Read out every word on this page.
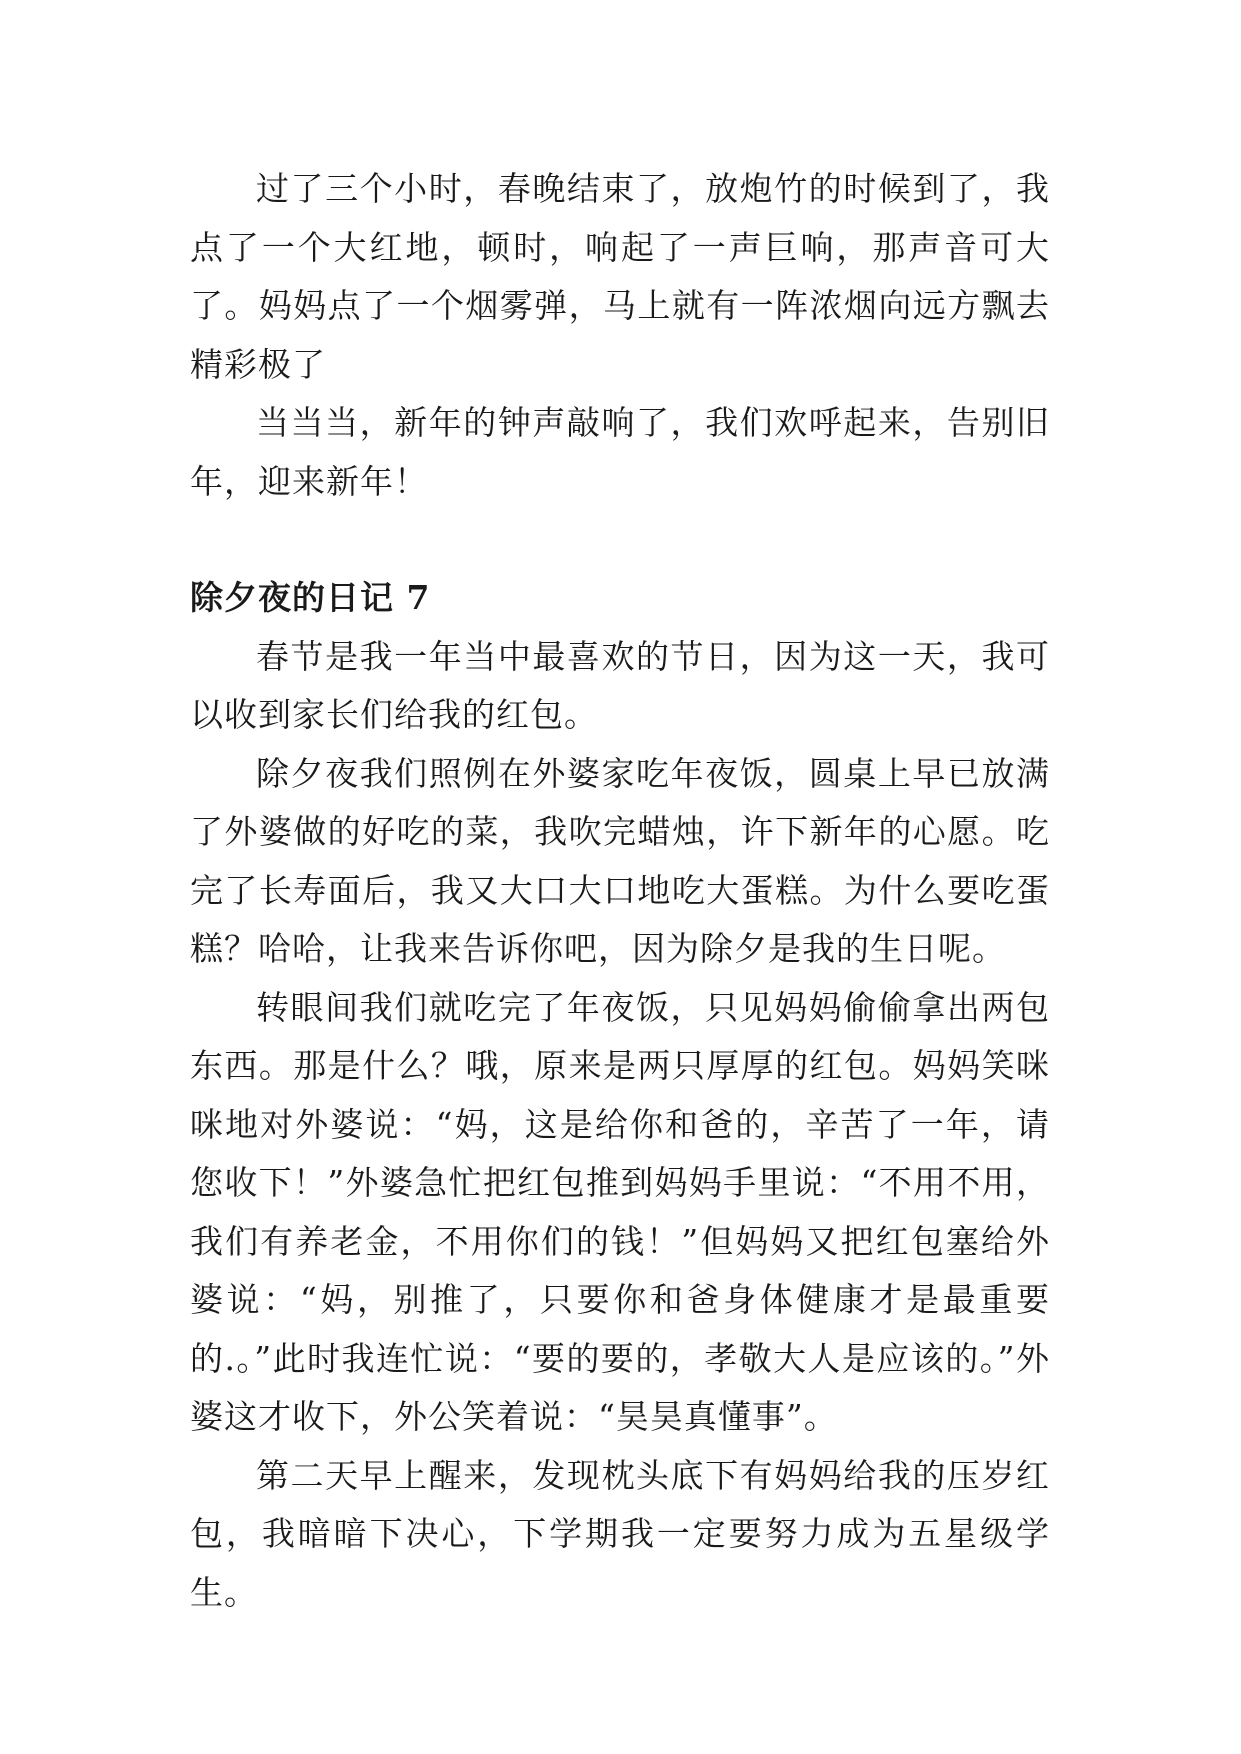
过了三个小时，春晚结束了，放炮竹的时候到了，我点了一个大红地，顿时，响起了一声巨响，那声音可大了。妈妈点了一个烟雾弹，马上就有一阵浓烟向远方飘去精彩极了

当当当，新年的钟声敲响了，我们欢呼起来，告别旧年，迎来新年！

除夕夜的日记 7

春节是我一年当中最喜欢的节日，因为这一天，我可以收到家长们给我的红包。

除夕夜我们照例在外婆家吃年夜饭，圆桌上早已放满了外婆做的好吃的菜，我吹完蜡烛，许下新年的心愿。吃完了长寿面后，我又大口大口地吃大蛋糕。为什么要吃蛋糕？哈哈，让我来告诉你吧，因为除夕是我的生日呢。

转眼间我们就吃完了年夜饭，只见妈妈偷偷拿出两包东西。那是什么？哦，原来是两只厚厚的红包。妈妈笑咪咪地对外婆说：“妈，这是给你和爸的，辛苦了一年，请您收下！”外婆急忙把红包推到妈妈手里说：“不用不用，我们有养老金，不用你们的钱！”但妈妈又把红包塞给外婆说：“妈，别推了，只要你和爸身体健康才是最重要的.。”此时我连忙说：“要的要的，孝敬大人是应该的。”外婆这才收下，外公笑着说：“昊昊真懂事”。

第二天早上醒来，发现枕头底下有妈妈给我的压岁红包，我暗暗下决心，下学期我一定要努力成为五星级学生。
